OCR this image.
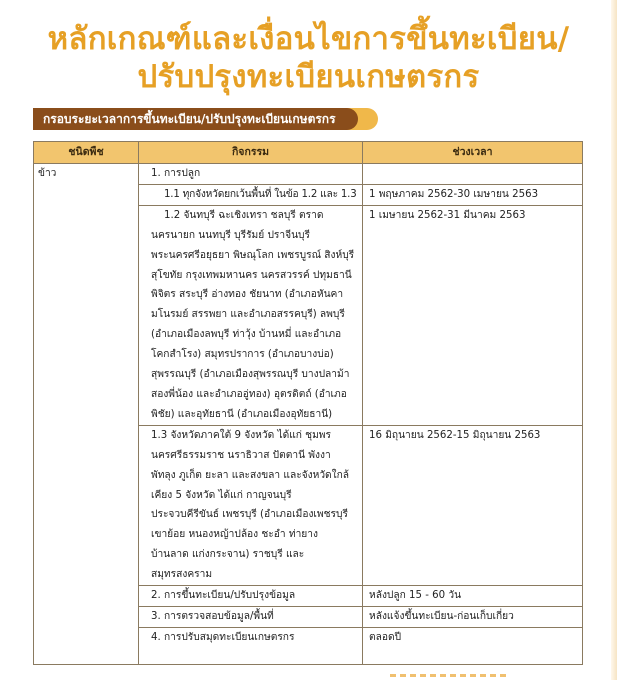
หลักเกณฑ์และเงื่อนไขการขึ้นทะเบียน/
ปรับปรุงทะเบียนเกษตรกร
กรอบระยะเวลาการขึ้นทะเบียน/ปรับปรุงทะเบียนเกษตรกร
ชนิดพืช	กิจกรรม	ช่วงเวลา
ข้าว	1. การปลูก	
	1.1 ทุกจังหวัดยกเว้นพื้นที่ ในข้อ 1.2 และ 1.3	1 พฤษภาคม 2562-30 เมษายน 2563
	1.2 จันทบุรี ฉะเชิงเทรา ชลบุรี ตราด นครนายก นนทบุรี บุรีรัมย์ ปราจีนบุรี พระนครศรีอยุธยา พิษณุโลก เพชรบูรณ์ สิงห์บุรี สุโขทัย กรุงเทพมหานคร นครสวรรค์ ปทุมธานี พิจิตร สระบุรี อ่างทอง ชัยนาท (อำเภอหันคา มโนรมย์ สรรพยา และอำเภอสรรคบุรี) ลพบุรี (อำเภอเมืองลพบุรี ท่าวุ้ง บ้านหมี่ และอำเภอ โคกสำโรง) สมุทรปราการ (อำเภอบางบ่อ) สุพรรณบุรี (อำเภอเมืองสุพรรณบุรี บางปลาม้า สองพี่น้อง และอำเภออู่ทอง) อุตรดิตถ์ (อำเภอพิชัย) และอุทัยธานี (อำเภอเมืองอุทัยธานี)	1 เมษายน 2562-31 มีนาคม 2563
	1.3 จังหวัดภาคใต้ 9 จังหวัด ได้แก่ ชุมพร นครศรีธรรมราช นราธิวาส ปัตตานี พังงา พัทลุง ภูเก็ต ยะลา และสงขลา และจังหวัดใกล้เคียง 5 จังหวัด ได้แก่ กาญจนบุรี ประจวบคีรีขันธ์ เพชรบุรี (อำเภอเมืองเพชรบุรี เขาย้อย หนองหญ้าปล้อง ชะอำ ท่ายาง บ้านลาด แก่งกระจาน) ราชบุรี และสมุทรสงคราม	16 มิถุนายน 2562-15 มิถุนายน 2563
	2. การขึ้นทะเบียน/ปรับปรุงข้อมูล	หลังปลูก 15 - 60 วัน
	3. การตรวจสอบข้อมูล/พื้นที่	หลังแจ้งขึ้นทะเบียน-ก่อนเก็บเกี่ยว
	4. การปรับสมุดทะเบียนเกษตรกร	ตลอดปี
